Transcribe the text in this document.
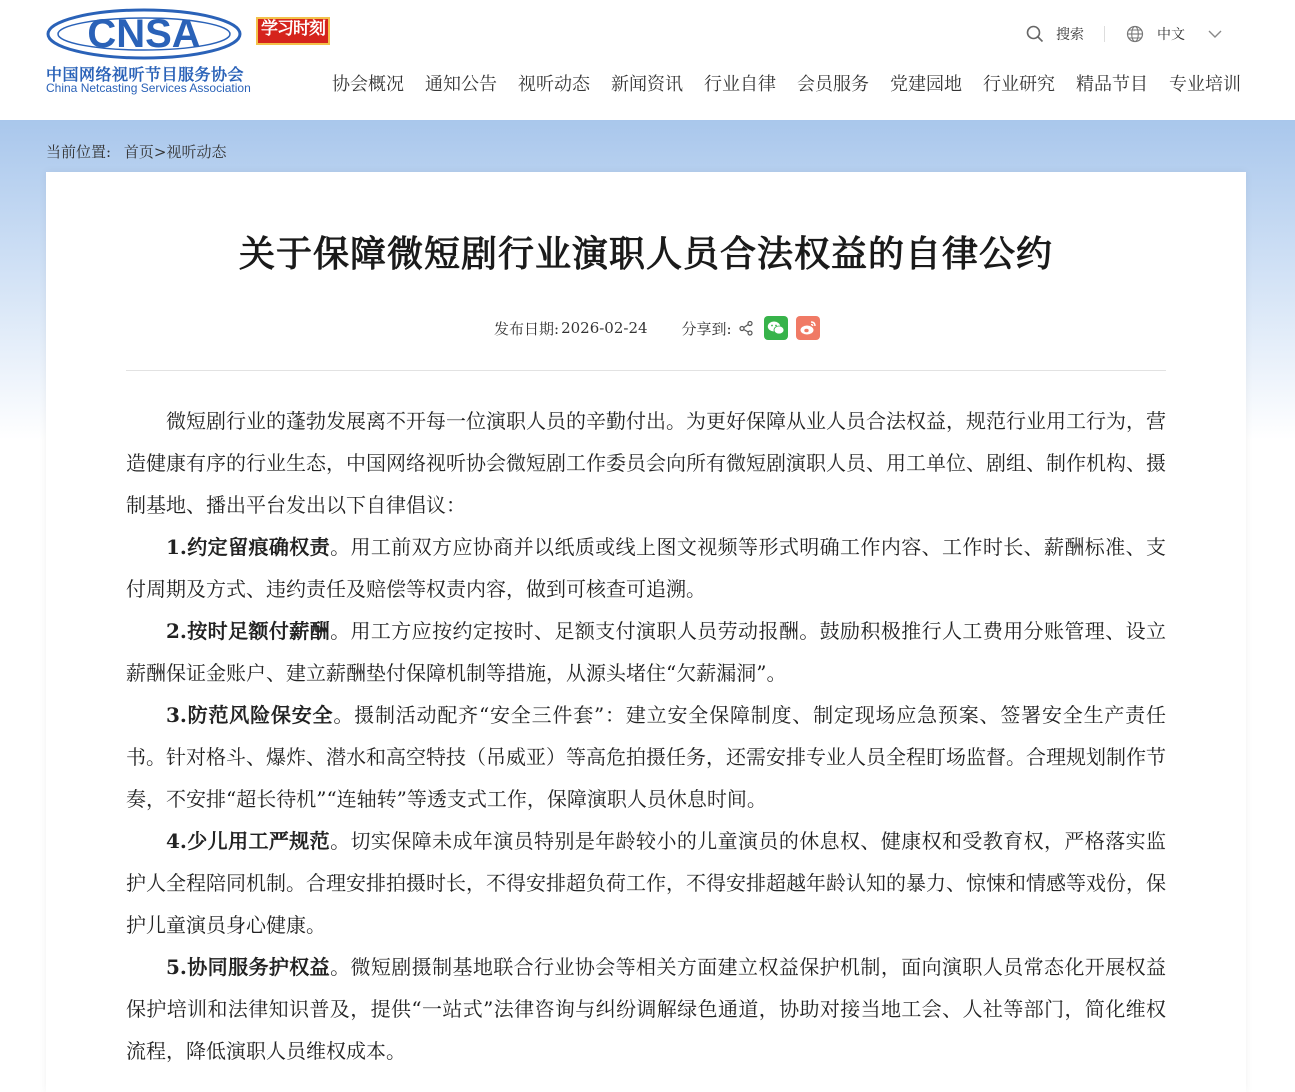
CNSA
中国网络视听节目服务协会
China Netcasting Services Association
学习时刻	搜索	中文
协会概况 通知公告 视听动态 新闻资讯 行业自律 会员服务 党建园地 行业研究 精品节目 专业培训
当前位置: 首页>视听动态
关于保障微短剧行业演职人员合法权益的自律公约
发布日期: 2026-02-24 分享到:

微短剧行业的蓬勃发展离不开每一位演职人员的辛勤付出。为更好保障从业人员合法权益，规范行业用工行为，营造健康有序的行业生态，中国网络视听协会微短剧工作委员会向所有微短剧演职人员、用工单位、剧组、制作机构、摄制基地、播出平台发出以下自律倡议：

1.约定留痕确权责。用工前双方应协商并以纸质或线上图文视频等形式明确工作内容、工作时长、薪酬标准、支付周期及方式、违约责任及赔偿等权责内容，做到可核查可追溯。

2.按时足额付薪酬。用工方应按约定按时、足额支付演职人员劳动报酬。鼓励积极推行人工费用分账管理、设立薪酬保证金账户、建立薪酬垫付保障机制等措施，从源头堵住“欠薪漏洞”。

3.防范风险保安全。摄制活动配齐“安全三件套”：建立安全保障制度、制定现场应急预案、签署安全生产责任书。针对格斗、爆炸、潜水和高空特技（吊威亚）等高危拍摄任务，还需安排专业人员全程盯场监督。合理规划制作节奏，不安排“超长待机”“连轴转”等透支式工作，保障演职人员休息时间。

4.少儿用工严规范。切实保障未成年演员特别是年龄较小的儿童演员的休息权、健康权和受教育权，严格落实监护人全程陪同机制。合理安排拍摄时长，不得安排超负荷工作，不得安排超越年龄认知的暴力、惊悚和情感等戏份，保护儿童演员身心健康。

5.协同服务护权益。微短剧摄制基地联合行业协会等相关方面建立权益保护机制，面向演职人员常态化开展权益保护培训和法律知识普及，提供“一站式”法律咨询与纠纷调解绿色通道，协助对接当地工会、人社等部门，简化维权流程，降低演职人员维权成本。
